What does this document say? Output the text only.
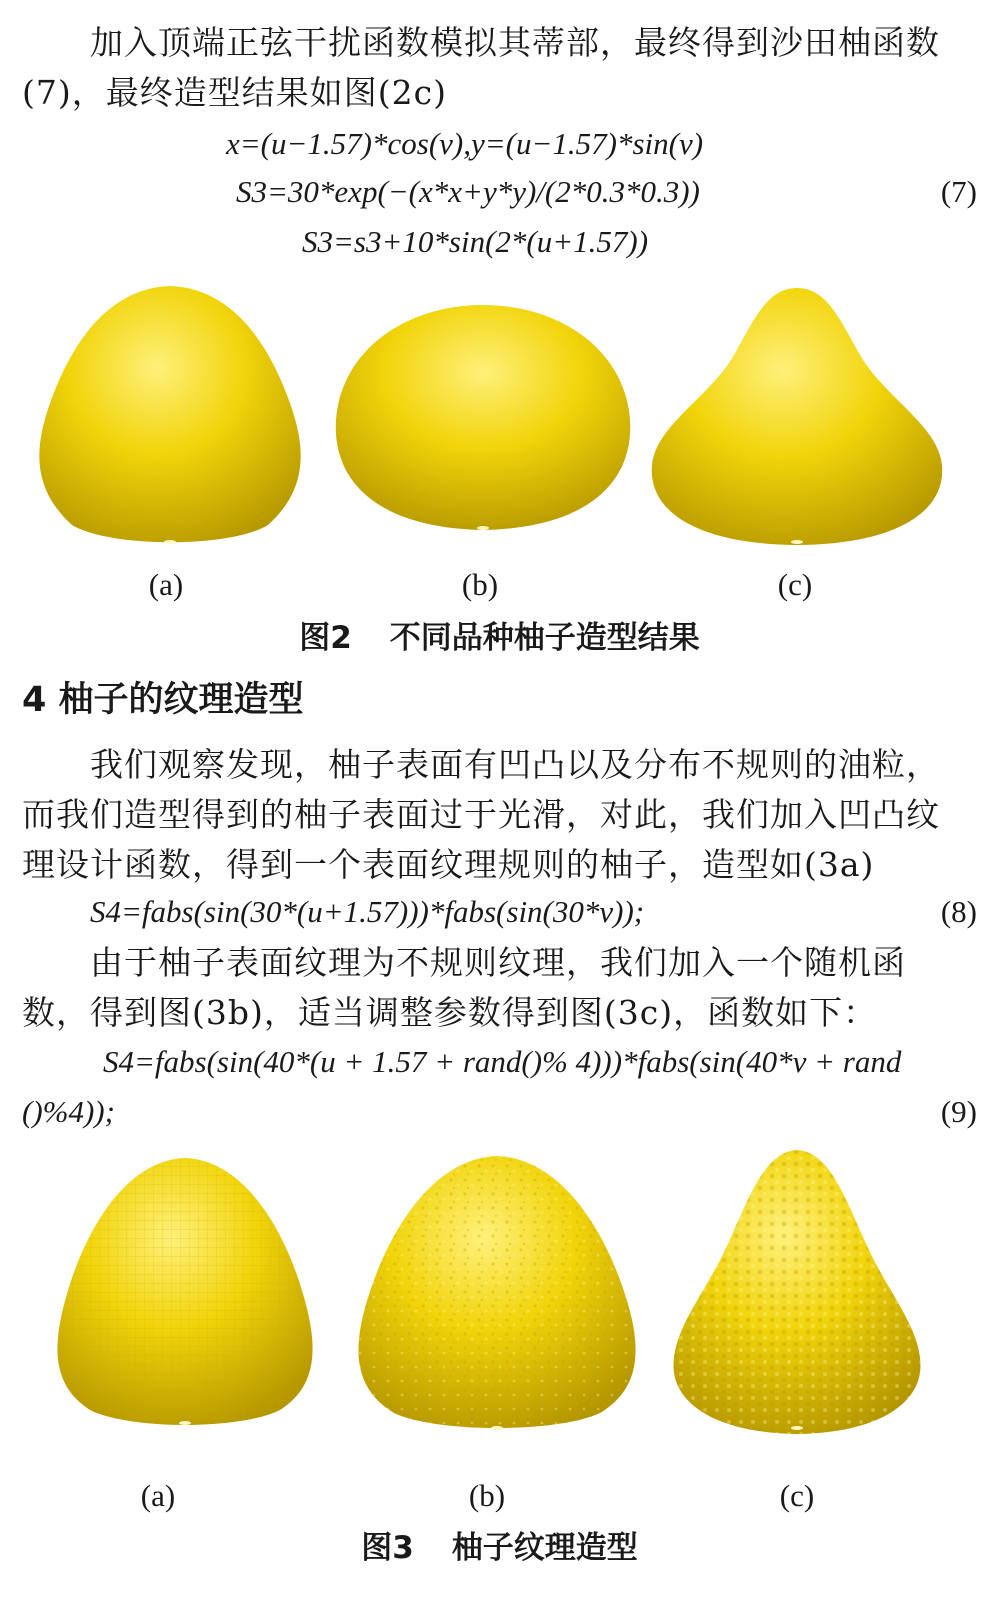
加入顶端正弦干扰函数模拟其蒂部，最终得到沙田柚函数
(7)，最终造型结果如图(2c)
x=(u−1.57)*cos(v),y=(u−1.57)*sin(v)
S3=30*exp(−(x*x+y*y)/(2*0.3*0.3))	(7)
S3=s3+10*sin(2*(u+1.57))
(a)	(b)	(c)
图2 不同品种柚子造型结果
4 柚子的纹理造型
我们观察发现，柚子表面有凹凸以及分布不规则的油粒，
而我们造型得到的柚子表面过于光滑，对此，我们加入凹凸纹
理设计函数，得到一个表面纹理规则的柚子，造型如(3a)
S4=fabs(sin(30*(u+1.57)))*fabs(sin(30*v));	(8)
由于柚子表面纹理为不规则纹理，我们加入一个随机函
数，得到图(3b)，适当调整参数得到图(3c)，函数如下：
S4=fabs(sin(40*(u + 1.57 + rand()% 4)))*fabs(sin(40*v + rand
()%4));	(9)
(a)	(b)	(c)
图3 柚子纹理造型
